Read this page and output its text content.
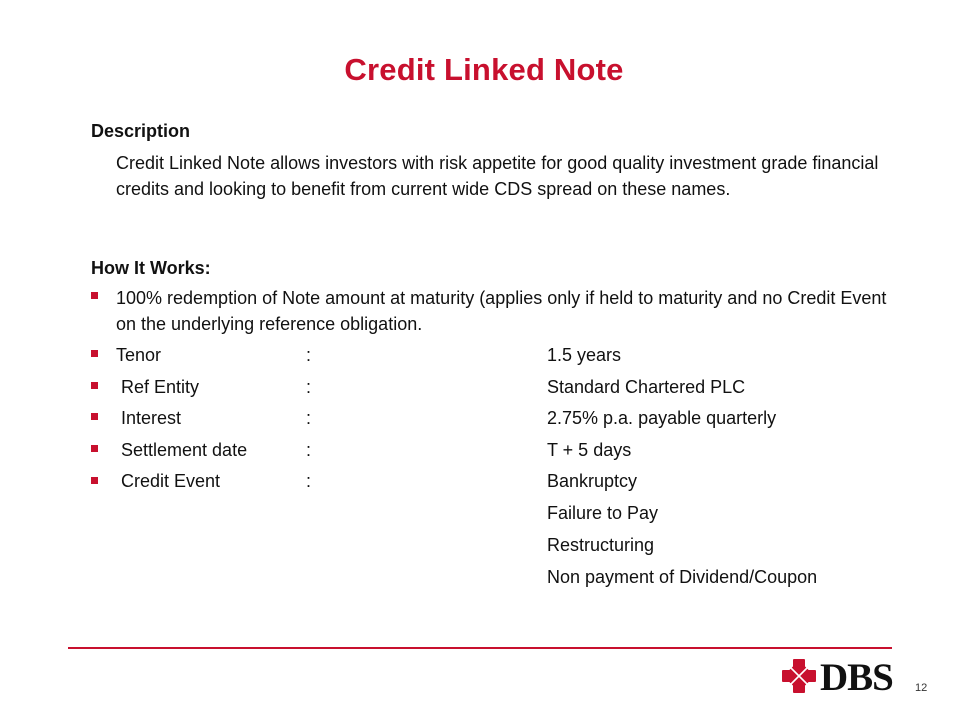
Credit Linked Note
Description
Credit Linked Note allows investors with risk appetite for good quality investment grade financial credits and looking to benefit from current wide CDS spread on these names.
How It Works:
100% redemption of Note amount at maturity (applies only if held to maturity and no Credit Event on the underlying reference obligation.
Tenor	:	1.5 years
Ref Entity	:	Standard Chartered PLC
Interest	:	2.75% p.a. payable quarterly
Settlement date	:	T + 5 days
Credit Event	:	Bankruptcy
Failure to Pay
Restructuring
Non payment of Dividend/Coupon
DBS 12
